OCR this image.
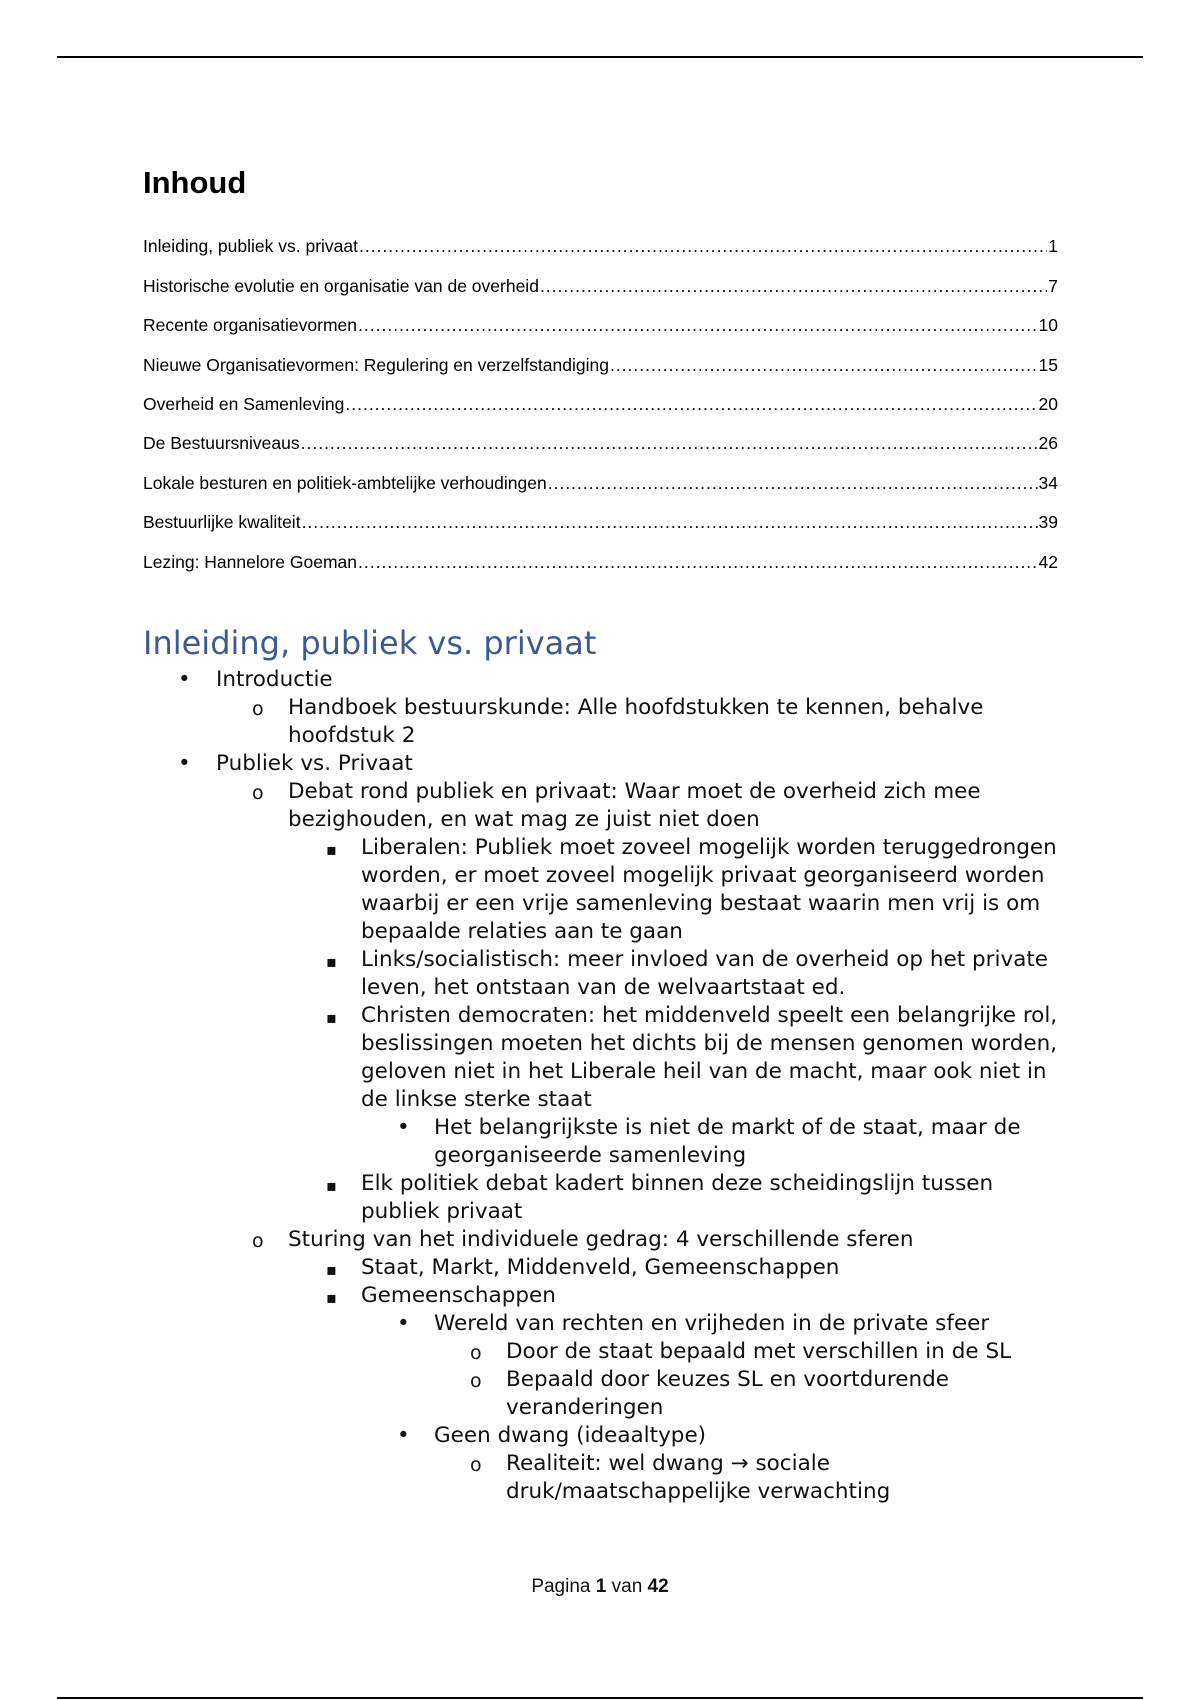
Inhoud
Inleiding, publiek vs. privaat .....	1
Historische evolutie en organisatie van de overheid .....	7
Recente organisatievormen .....	10
Nieuwe Organisatievormen: Regulering en verzelfstandiging .....	15
Overheid en Samenleving .....	20
De Bestuursniveaus .....	26
Lokale besturen en politiek-ambtelijke verhoudingen .....	34
Bestuurlijke kwaliteit .....	39
Lezing: Hannelore Goeman .....	42
Inleiding, publiek vs. privaat
• Introductie
o Handboek bestuurskunde: Alle hoofdstukken te kennen, behalve hoofdstuk 2
• Publiek vs. Privaat
o Debat rond publiek en privaat: Waar moet de overheid zich mee bezighouden, en wat mag ze juist niet doen
▪ Liberalen: Publiek moet zoveel mogelijk worden teruggedrongen worden, er moet zoveel mogelijk privaat georganiseerd worden waarbij er een vrije samenleving bestaat waarin men vrij is om bepaalde relaties aan te gaan
▪ Links/socialistisch: meer invloed van de overheid op het private leven, het ontstaan van de welvaartstaat ed.
▪ Christen democraten: het middenveld speelt een belangrijke rol, beslissingen moeten het dichts bij de mensen genomen worden, geloven niet in het Liberale heil van de macht, maar ook niet in de linkse sterke staat
• Het belangrijkste is niet de markt of de staat, maar de georganiseerde samenleving
▪ Elk politiek debat kadert binnen deze scheidingslijn tussen publiek privaat
o Sturing van het individuele gedrag: 4 verschillende sferen
▪ Staat, Markt, Middenveld, Gemeenschappen
▪ Gemeenschappen
• Wereld van rechten en vrijheden in de private sfeer
o Door de staat bepaald met verschillen in de SL
o Bepaald door keuzes SL en voortdurende veranderingen
• Geen dwang (ideaaltype)
o Realiteit: wel dwang → sociale druk/maatschappelijke verwachting
Pagina 1 van 42
